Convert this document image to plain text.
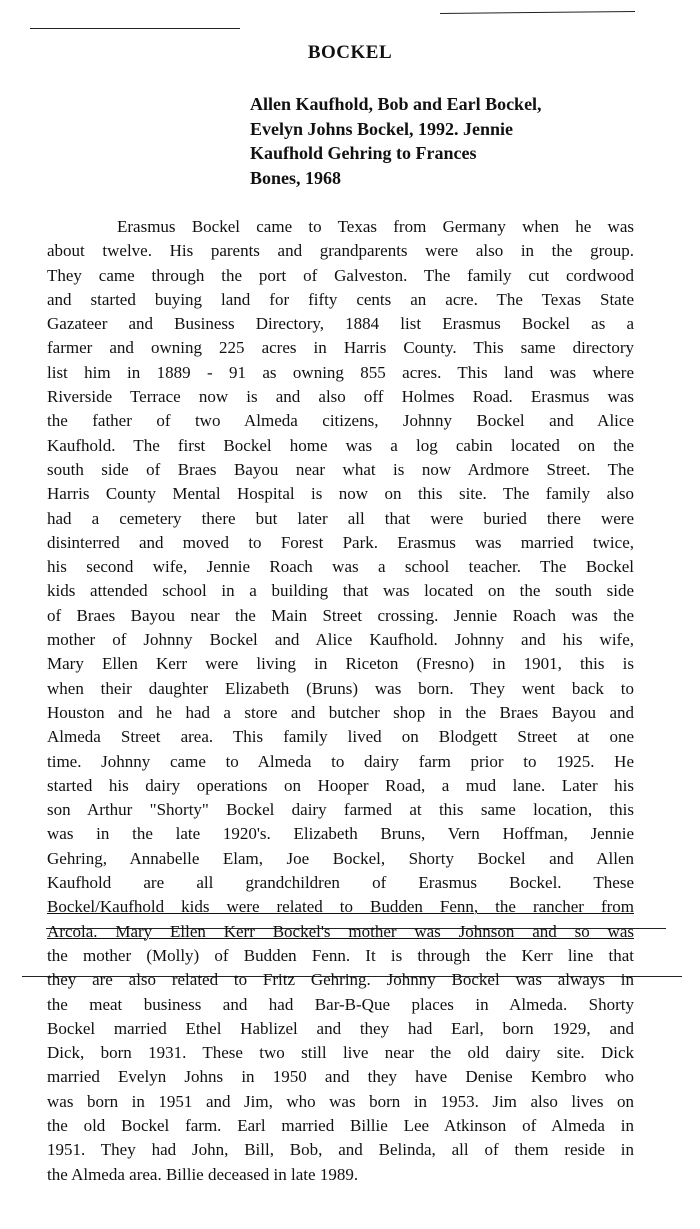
BOCKEL
Allen Kaufhold, Bob and Earl Bockel,
Evelyn Johns Bockel, 1992. Jennie
Kaufhold Gehring to Frances
Bones, 1968
Erasmus Bockel came to Texas from Germany when he was
about twelve. His parents and grandparents were also in the group.
They came through the port of Galveston. The family cut cordwood
and started buying land for fifty cents an acre. The Texas State
Gazateer and Business Directory, 1884 list Erasmus Bockel as a
farmer and owning 225 acres in Harris County. This same directory
list him in 1889 - 91 as owning 855 acres. This land was where
Riverside Terrace now is and also off Holmes Road. Erasmus was
the father of two Almeda citizens, Johnny Bockel and Alice
Kaufhold. The first Bockel home was a log cabin located on the
south side of Braes Bayou near what is now Ardmore Street. The
Harris County Mental Hospital is now on this site. The family also
had a cemetery there but later all that were buried there were
disinterred and moved to Forest Park. Erasmus was married twice,
his second wife, Jennie Roach was a school teacher. The Bockel
kids attended school in a building that was located on the south side
of Braes Bayou near the Main Street crossing. Jennie Roach was the
mother of Johnny Bockel and Alice Kaufhold. Johnny and his wife,
Mary Ellen Kerr were living in Riceton (Fresno) in 1901, this is
when their daughter Elizabeth (Bruns) was born. They went back to
Houston and he had a store and butcher shop in the Braes Bayou and
Almeda Street area. This family lived on Blodgett Street at one
time. Johnny came to Almeda to dairy farm prior to 1925. He
started his dairy operations on Hooper Road, a mud lane. Later his
son Arthur "Shorty" Bockel dairy farmed at this same location, this
was in the late 1920's. Elizabeth Bruns, Vern Hoffman, Jennie
Gehring, Annabelle Elam, Joe Bockel, Shorty Bockel and Allen
Kaufhold are all grandchildren of Erasmus Bockel. These
Bockel/Kaufhold kids were related to Budden Fenn, the rancher from
Arcola. Mary Ellen Kerr Bockel's mother was Johnson and so was
the mother (Molly) of Budden Fenn. It is through the Kerr line that
they are also related to Fritz Gehring. Johnny Bockel was always in
the meat business and had Bar-B-Que places in Almeda. Shorty
Bockel married Ethel Hablizel and they had Earl, born 1929, and
Dick, born 1931. These two still live near the old dairy site. Dick
married Evelyn Johns in 1950 and they have Denise Kembro who
was born in 1951 and Jim, who was born in 1953. Jim also lives on
the old Bockel farm. Earl married Billie Lee Atkinson of Almeda in
1951. They had John, Bill, Bob, and Belinda, all of them reside in
the Almeda area. Billie deceased in late 1989.
